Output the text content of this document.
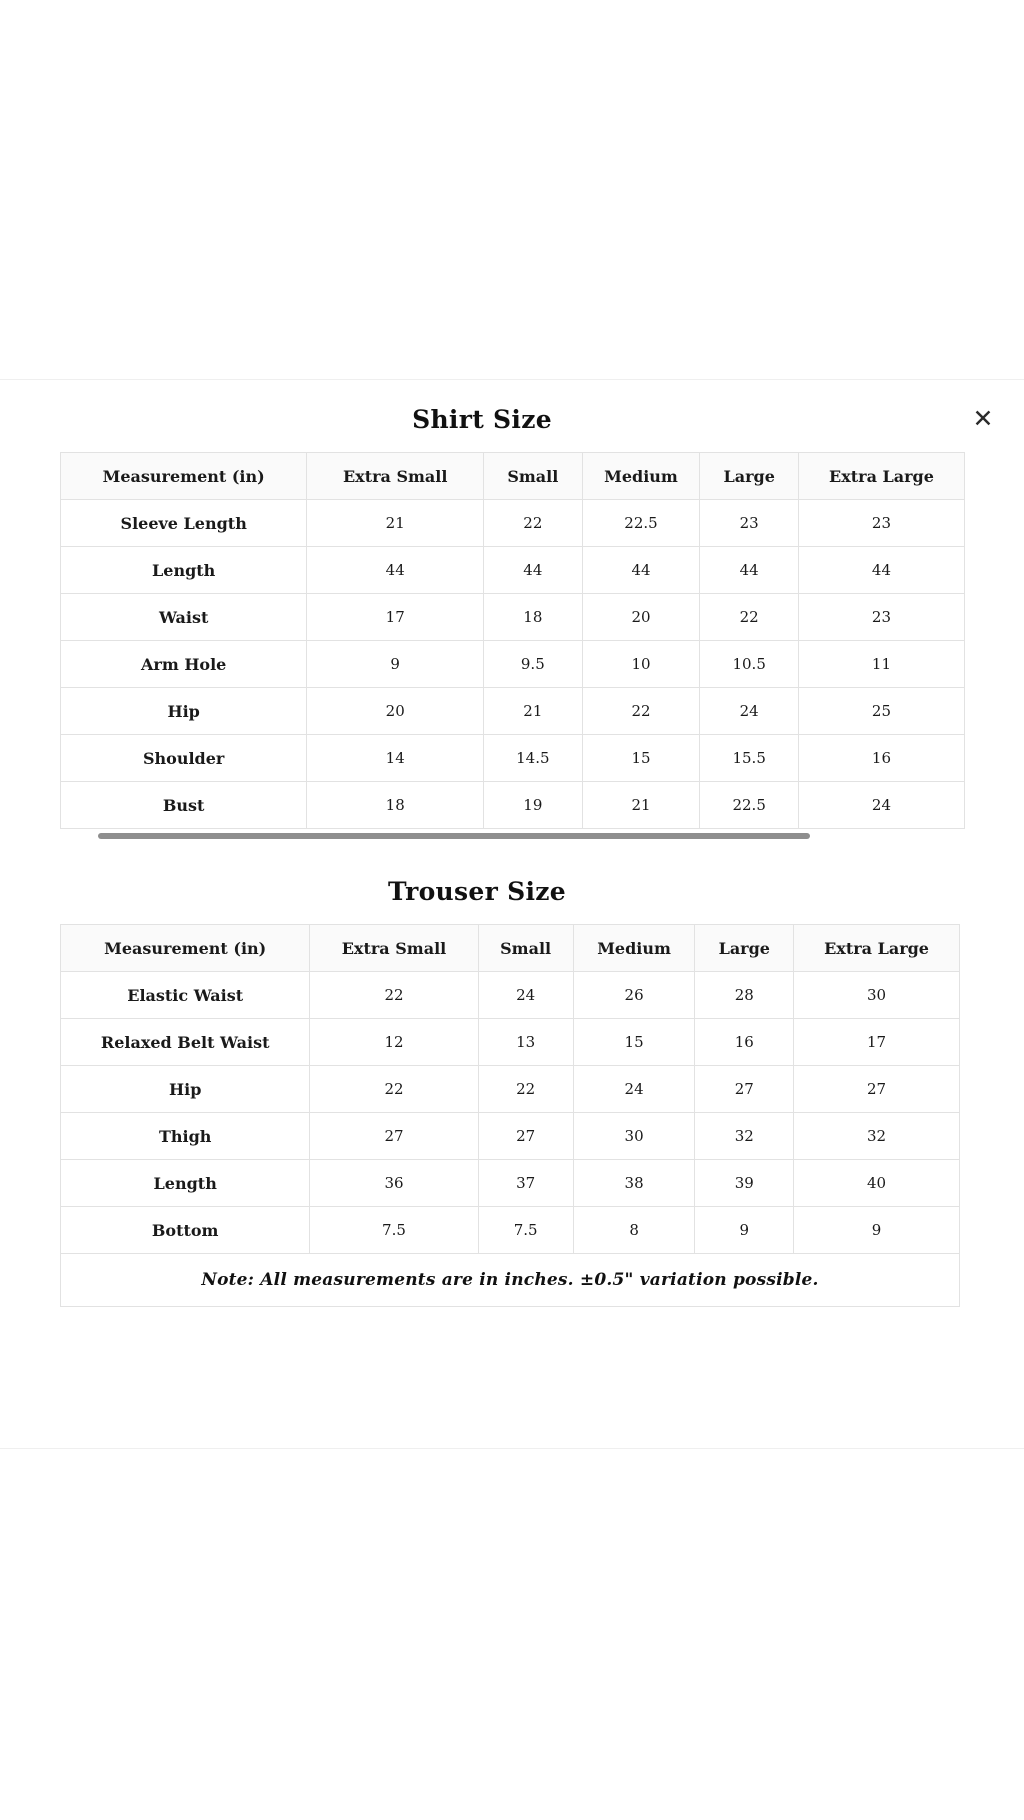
✕
Shirt Size
Measurement (in)	Extra Small	Small	Medium	Large	Extra Large
Sleeve Length	21	22	22.5	23	23
Length	44	44	44	44	44
Waist	17	18	20	22	23
Arm Hole	9	9.5	10	10.5	11
Hip	20	21	22	24	25
Shoulder	14	14.5	15	15.5	16
Bust	18	19	21	22.5	24
Trouser Size
Measurement (in)	Extra Small	Small	Medium	Large	Extra Large
Elastic Waist	22	24	26	28	30
Relaxed Belt Waist	12	13	15	16	17
Hip	22	22	24	27	27
Thigh	27	27	30	32	32
Length	36	37	38	39	40
Bottom	7.5	7.5	8	9	9
Note: All measurements are in inches. ±0.5" variation possible.					
